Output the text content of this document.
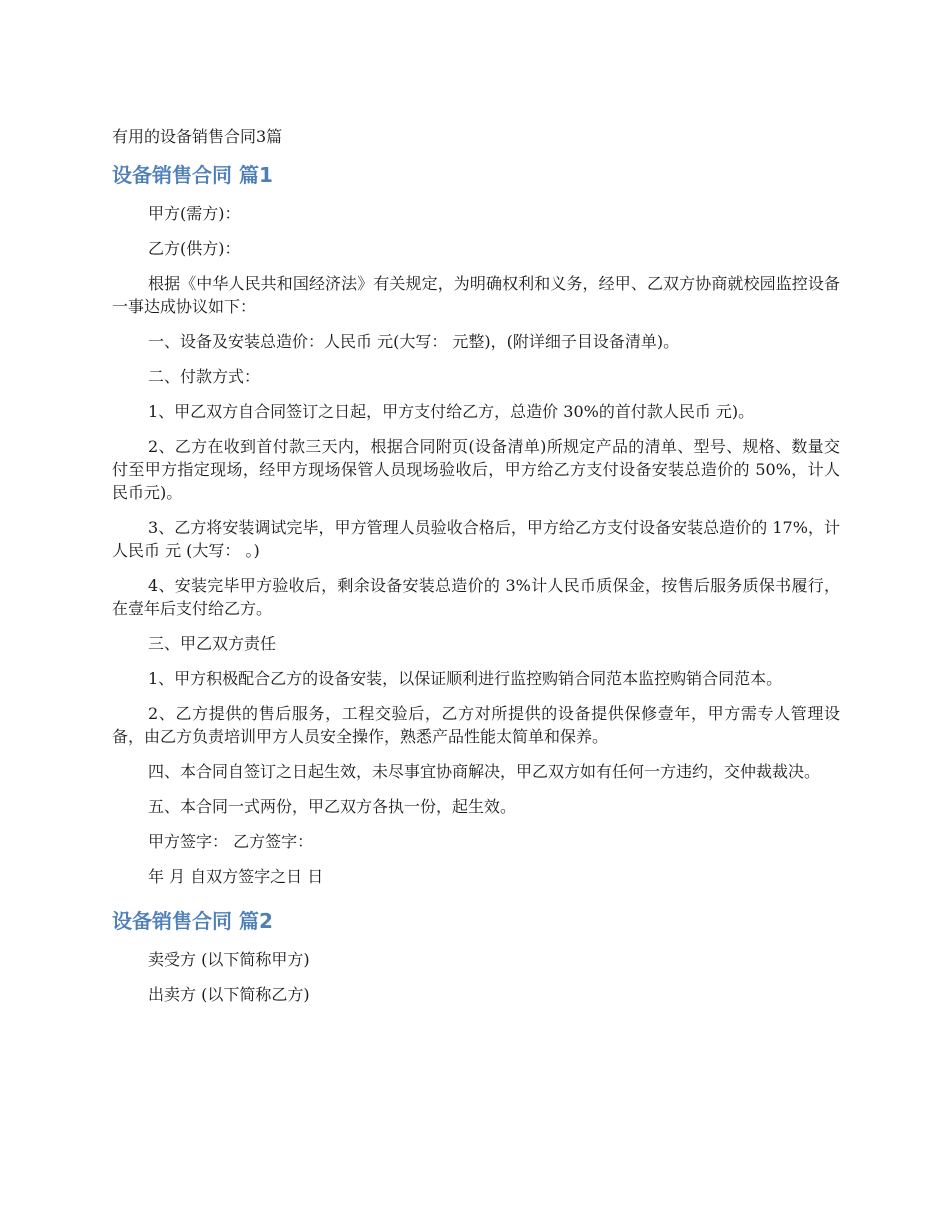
有用的设备销售合同3篇

设备销售合同 篇1

甲方(需方)：

乙方(供方)：

根据《中华人民共和国经济法》有关规定，为明确权利和义务，经甲、乙双方协商就校园监控设备一事达成协议如下：

一、设备及安装总造价：人民币 元(大写： 元整)，(附详细子目设备清单)。

二、付款方式：

1、甲乙双方自合同签订之日起，甲方支付给乙方，总造价 30%的首付款人民币 元)。

2、乙方在收到首付款三天内，根据合同附页(设备清单)所规定产品的清单、型号、规格、数量交付至甲方指定现场，经甲方现场保管人员现场验收后，甲方给乙方支付设备安装总造价的 50%，计人民币元)。

3、乙方将安装调试完毕，甲方管理人员验收合格后，甲方给乙方支付设备安装总造价的 17%，计人民币 元 (大写： 。)

4、安装完毕甲方验收后，剩余设备安装总造价的 3%计人民币质保金，按售后服务质保书履行，在壹年后支付给乙方。

三、甲乙双方责任

1、甲方积极配合乙方的设备安装，以保证顺利进行监控购销合同范本监控购销合同范本。

2、乙方提供的售后服务，工程交验后，乙方对所提供的设备提供保修壹年，甲方需专人管理设备，由乙方负责培训甲方人员安全操作，熟悉产品性能太简单和保养。

四、本合同自签订之日起生效，未尽事宜协商解决，甲乙双方如有任何一方违约，交仲裁裁决。

五、本合同一式两份，甲乙双方各执一份，起生效。

甲方签字： 乙方签字：

年 月 自双方签字之日 日

设备销售合同 篇2

卖受方 (以下简称甲方)

出卖方 (以下简称乙方)
